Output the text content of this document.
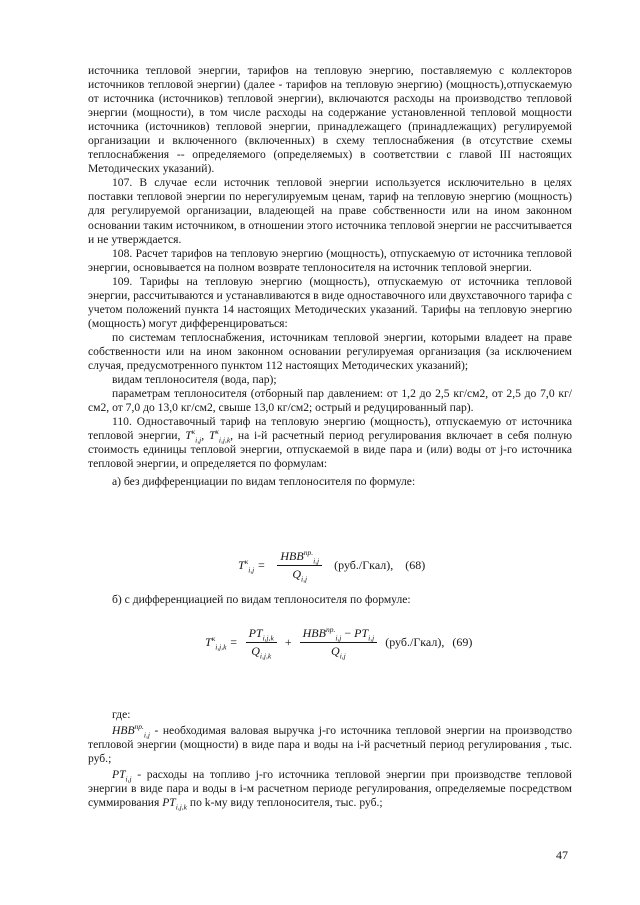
источника тепловой энергии, тарифов на тепловую энергию, поставляемую с коллекторов источников тепловой энергии) (далее - тарифов на тепловую энергию) (мощность),отпускаемую от источника (источников) тепловой энергии), включаются расходы на производство тепловой энергии (мощности), в том числе расходы на содержание установленной тепловой мощности источника (источников) тепловой энергии, принадлежащего (принадлежащих) регулируемой организации и включенного (включенных) в схему теплоснабжения (в отсутствие схемы теплоснабжения -- определяемого (определяемых) в соответствии с главой III настоящих Методических указаний).

107. В случае если источник тепловой энергии используется исключительно в целях поставки тепловой энергии по нерегулируемым ценам, тариф на тепловую энергию (мощность) для регулируемой организации, владеющей на праве собственности или на ином законном основании таким источником, в отношении этого источника тепловой энергии не рассчитывается и не утверждается.

108. Расчет тарифов на тепловую энергию (мощность), отпускаемую от источника тепловой энергии, основывается на полном возврате теплоносителя на источник тепловой энергии.

109. Тарифы на тепловую энергию (мощность), отпускаемую от источника тепловой энергии, рассчитываются и устанавливаются в виде одноставочного или двухставочного тарифа с учетом положений пункта 14 настоящих Методических указаний. Тарифы на тепловую энергию (мощность) могут дифференцироваться:

по системам теплоснабжения, источникам тепловой энергии, которыми владеет на праве собственности или на ином законном основании регулируемая организация (за исключением случая, предусмотренного пунктом 112 настоящих Методических указаний);

видам теплоносителя (вода, пар);

параметрам теплоносителя (отборный пар давлением: от 1,2 до 2,5 кг/см2, от 2,5 до 7,0 кг/см2, от 7,0 до 13,0 кг/см2, свыше 13,0 кг/см2; острый и редуцированный пар).

110. Одноставочный тариф на тепловую энергию (мощность), отпускаемую от источника тепловой энергии, $T^к_{i,j}$, $T^к_{i,j,k}$, на i-й расчетный период регулирования включает в себя полную стоимость единицы тепловой энергии, отпускаемой в виде пара и (или) воды от j-го источника тепловой энергии, и определяется по формулам:

а) без дифференциации по видам теплоносителя по формуле:

$T^к_{i,j} = \frac{HBB^{пр.}_{i,j}}{Q_{i,j}}$ (руб./Гкал), (68)

б) с дифференциацией по видам теплоносителя по формуле:

$T^к_{i,j,k} = \frac{PT_{i,j,k}}{Q_{i,j,k}} + \frac{HBB^{пр.}_{i,j} - PT_{i,j}}{Q_{i,j}}$ (руб./Гкал), (69)

где:

$HBB^{пр.}_{i,j}$ - необходимая валовая выручка j-го источника тепловой энергии на производство тепловой энергии (мощности) в виде пара и воды на i-й расчетный период регулирования , тыс. руб.;

$PT_{i,j}$ - расходы на топливо j-го источника тепловой энергии при производстве тепловой энергии в виде пара и воды в i-м расчетном периоде регулирования, определяемые посредством суммирования $PT_{i,j,k}$ по k-му виду теплоносителя, тыс. руб.;

47
